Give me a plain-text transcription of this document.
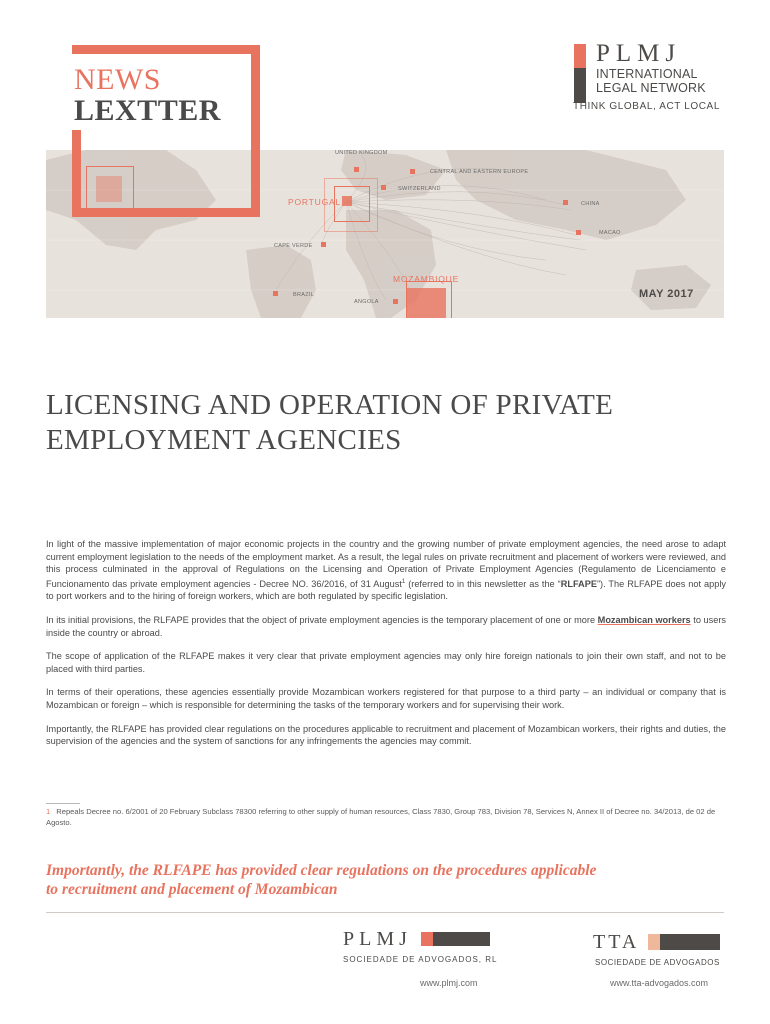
UNITED KINGDOM
CENTRAL AND EASTERN EUROPE
SWITZERLAND
PORTUGAL	CHINA
MACAO
CAPE VERDE
MOZAMBIQUE
BRAZIL
ANGOLA
MAY 2017
NEWS
LEXTTER
PLMJ
INTERNATIONAL
LEGAL NETWORK
THINK GLOBAL, ACT LOCAL
LICENSING AND OPERATION OF PRIVATE
EMPLOYMENT AGENCIES

In light of the massive implementation of major economic projects in the country and the growing number of private employment agencies, the need arose to adapt current employment legislation to the needs of the employment market. As a result, the legal rules on private recruitment and placement of workers were reviewed, and this process culminated in the approval of Regulations on the Licensing and Operation of Private Employment Agencies (Regulamento de Licenciamento e Funcionamento das private employment agencies - Decree NO. 36/2016, of 31 August$^1$ (referred to in this newsletter as the “RLFAPE”). The RLFAPE does not apply to port workers and to the hiring of foreign workers, which are both regulated by specific legislation.

In its initial provisions, the RLFAPE provides that the object of private employment agencies is the temporary placement of one or more Mozambican workers to users inside the country or abroad.

The scope of application of the RLFAPE makes it very clear that private employment agencies may only hire foreign nationals to join their own staff, and not to be placed with third parties.

In terms of their operations, these agencies essentially provide Mozambican workers registered for that purpose to a third party – an individual or company that is Mozambican or foreign – which is responsible for determining the tasks of the temporary workers and for supervising their work.

Importantly, the RLFAPE has provided clear regulations on the procedures applicable to recruitment and placement of Mozambican workers, their rights and duties, the supervision of the agencies and the system of sanctions for any infringements the agencies may commit.

1 Repeals Decree no. 6/2001 of 20 February Subclass 78300 referring to other supply of human resources, Class 7830, Group 783, Division 78, Services N, Annex II of Decree no. 34/2013, de 02 de Agosto.
Importantly, the RLFAPE has provided clear regulations on the procedures applicable
to recruitment and placement of Mozambican
PLMJ
SOCIEDADE DE ADVOGADOS, RL
www.plmj.com
TTA
SOCIEDADE DE ADVOGADOS
www.tta-advogados.com
